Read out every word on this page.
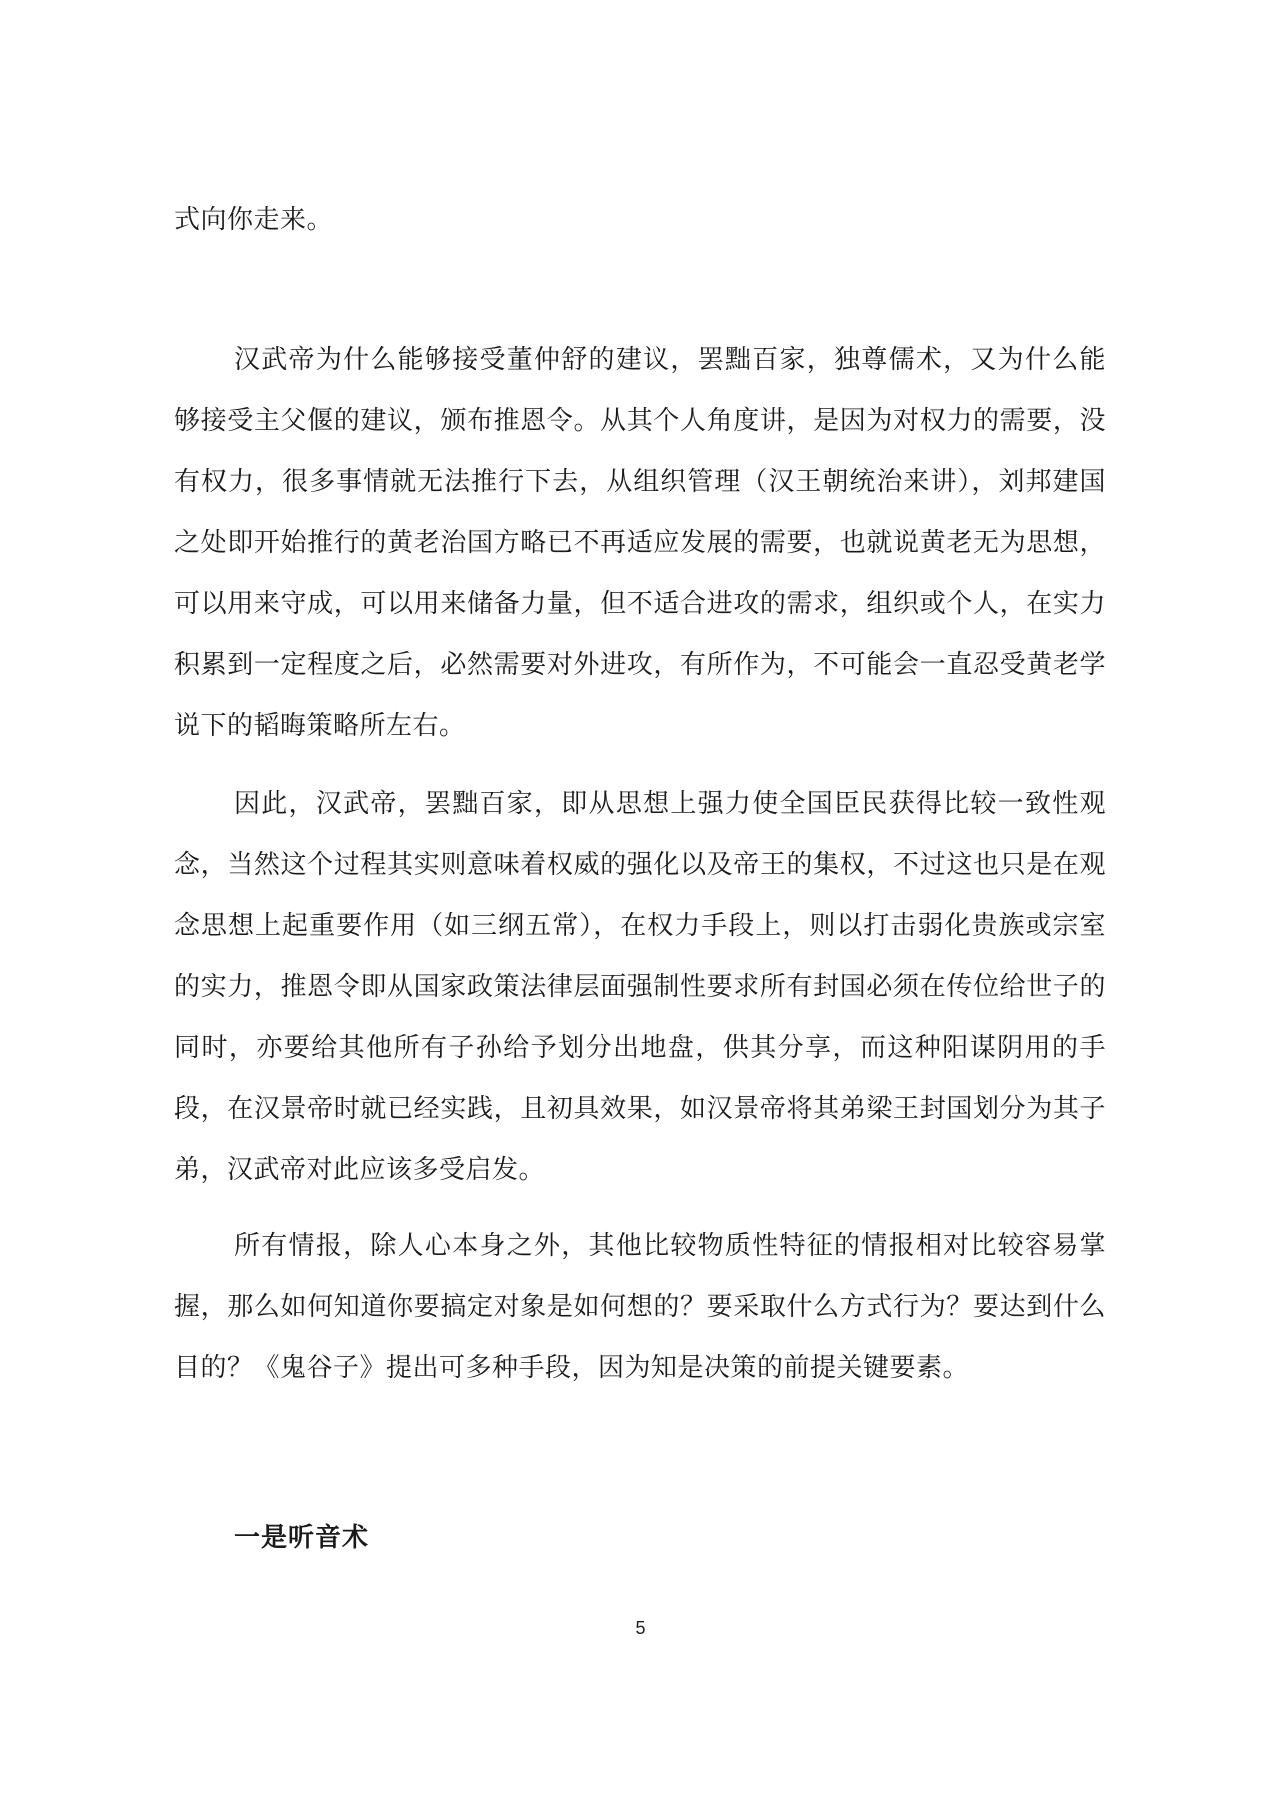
式向你走来。

汉武帝为什么能够接受董仲舒的建议，罢黜百家，独尊儒术，又为什么能够接受主父偃的建议，颁布推恩令。从其个人角度讲，是因为对权力的需要，没有权力，很多事情就无法推行下去，从组织管理（汉王朝统治来讲），刘邦建国之处即开始推行的黄老治国方略已不再适应发展的需要，也就说黄老无为思想，可以用来守成，可以用来储备力量，但不适合进攻的需求，组织或个人，在实力积累到一定程度之后，必然需要对外进攻，有所作为，不可能会一直忍受黄老学说下的韬晦策略所左右。

因此，汉武帝，罢黜百家，即从思想上强力使全国臣民获得比较一致性观念，当然这个过程其实则意味着权威的强化以及帝王的集权，不过这也只是在观念思想上起重要作用（如三纲五常），在权力手段上，则以打击弱化贵族或宗室的实力，推恩令即从国家政策法律层面强制性要求所有封国必须在传位给世子的同时，亦要给其他所有子孙给予划分出地盘，供其分享，而这种阳谋阴用的手段，在汉景帝时就已经实践，且初具效果，如汉景帝将其弟梁王封国划分为其子弟，汉武帝对此应该多受启发。

所有情报，除人心本身之外，其他比较物质性特征的情报相对比较容易掌握，那么如何知道你要搞定对象是如何想的？要采取什么方式行为？要达到什么目的？《鬼谷子》提出可多种手段，因为知是决策的前提关键要素。

一是听音术
5
